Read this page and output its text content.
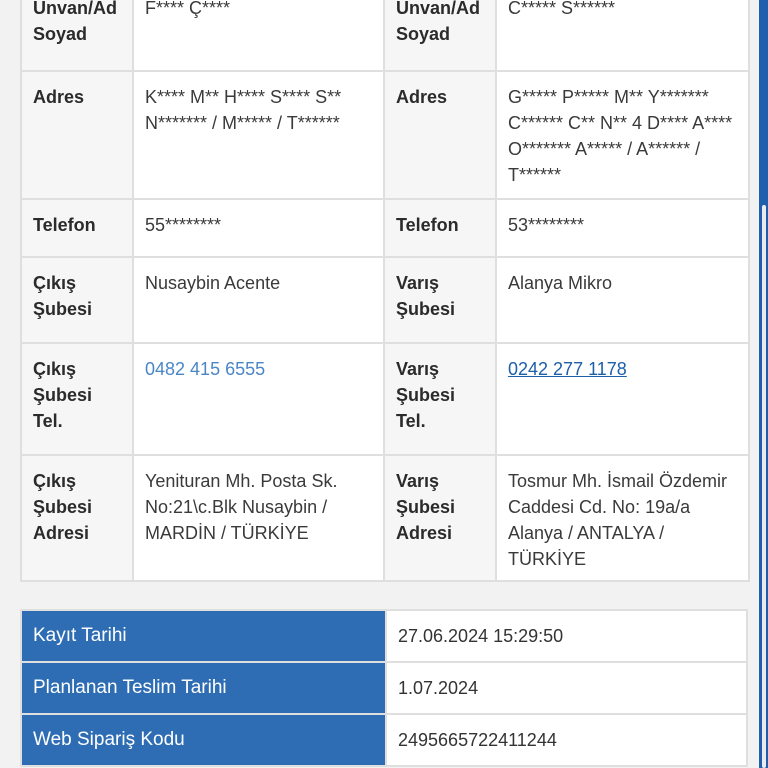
Unvan/Ad Soyad	F**** Ç****	Unvan/Ad Soyad	C***** S******
Adres	K**** M** H**** S**** S** N******* / M***** / T******	Adres	G***** P***** M** Y******* C****** C** N** 4 D**** A**** O******* A***** / A****** / T******
Telefon	55********	Telefon	53********
Çıkış Şubesi	Nusaybin Acente	Varış Şubesi	Alanya Mikro
Çıkış Şubesi Tel.	0482 415 6555	Varış Şubesi Tel.	0242 277 1178
Çıkış Şubesi Adresi	Yenituran Mh. Posta Sk. No:21\c.Blk Nusaybin / MARDİN / TÜRKİYE	Varış Şubesi Adresi	Tosmur Mh. İsmail Özdemir Caddesi Cd. No: 19a/a Alanya / ANTALYA / TÜRKİYE
Kayıt Tarihi	27.06.2024 15:29:50
Planlanan Teslim Tarihi	1.07.2024
Web Sipariş Kodu	2495665722411244
